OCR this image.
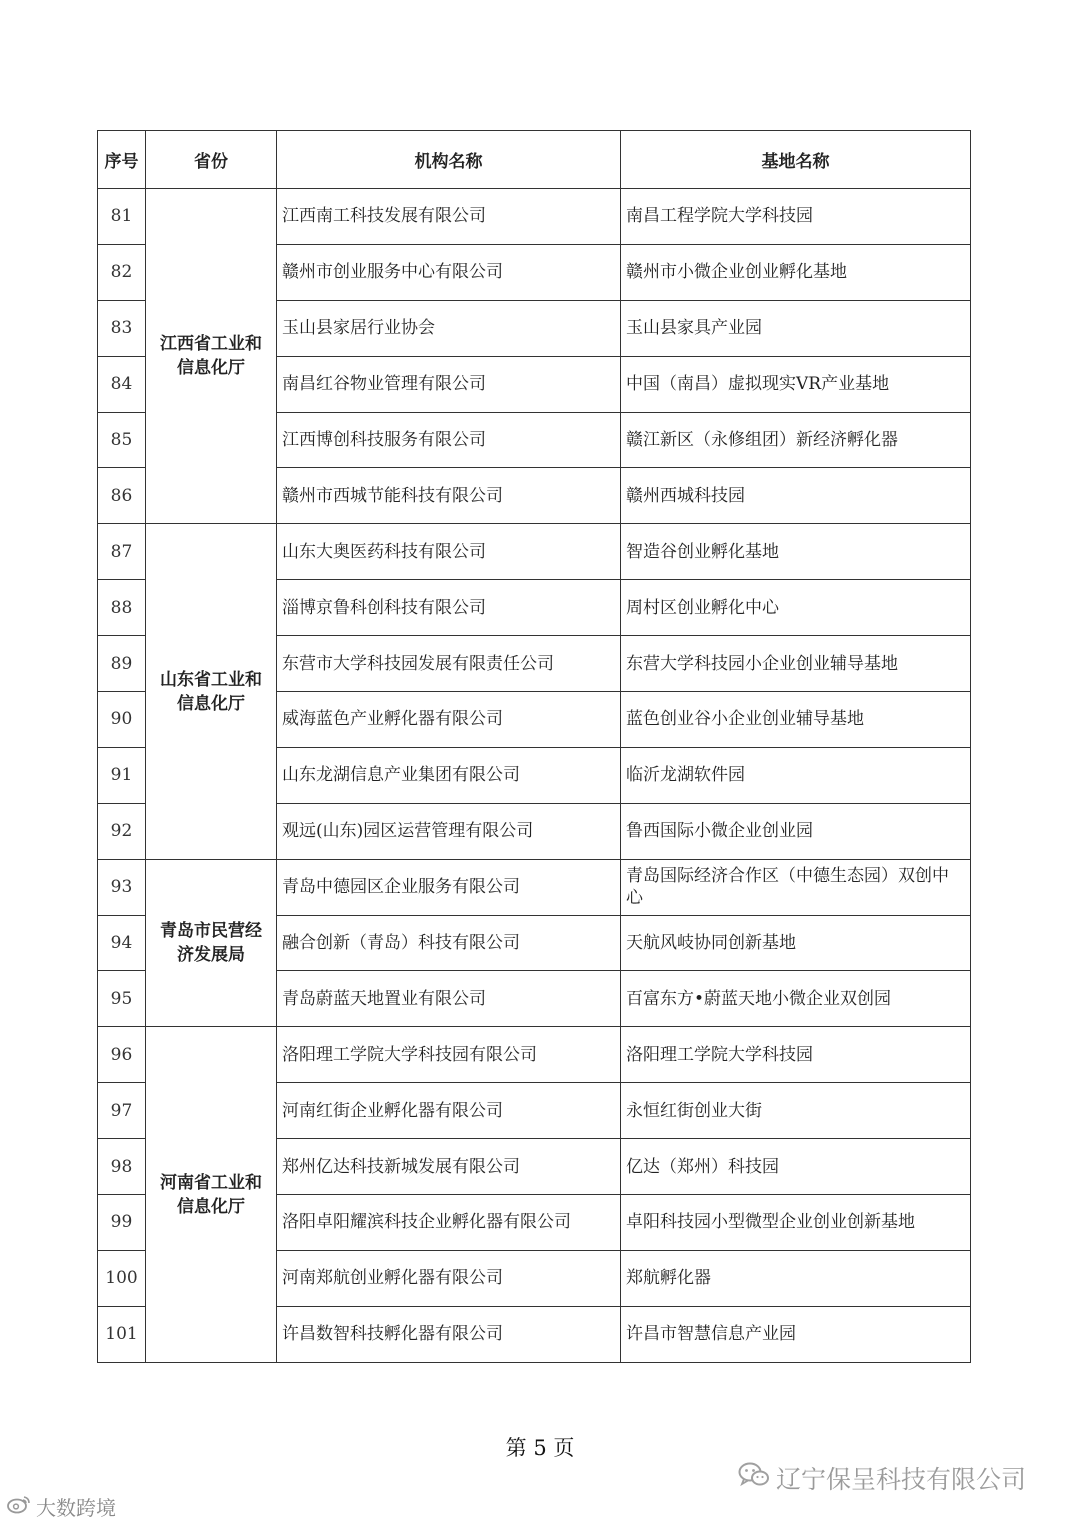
序号	省份	机构名称	基地名称
81	江西省工业和信息化厅	江西南工科技发展有限公司	南昌工程学院大学科技园
82		赣州市创业服务中心有限公司	赣州市小微企业创业孵化基地
83		玉山县家居行业协会	玉山县家具产业园
84		南昌红谷物业管理有限公司	中国（南昌）虚拟现实VR产业基地
85		江西博创科技服务有限公司	赣江新区（永修组团）新经济孵化器
86		赣州市西城节能科技有限公司	赣州西城科技园
87	山东省工业和信息化厅	山东大奥医药科技有限公司	智造谷创业孵化基地
88		淄博京鲁科创科技有限公司	周村区创业孵化中心
89		东营市大学科技园发展有限责任公司	东营大学科技园小企业创业辅导基地
90		威海蓝色产业孵化器有限公司	蓝色创业谷小企业创业辅导基地
91		山东龙湖信息产业集团有限公司	临沂龙湖软件园
92		观远(山东)园区运营管理有限公司	鲁西国际小微企业创业园
93	青岛市民营经济发展局	青岛中德园区企业服务有限公司	青岛国际经济合作区（中德生态园）双创中心
94		融合创新（青岛）科技有限公司	天航风岐协同创新基地
95		青岛蔚蓝天地置业有限公司	百富东方•蔚蓝天地小微企业双创园
96	河南省工业和信息化厅	洛阳理工学院大学科技园有限公司	洛阳理工学院大学科技园
97		河南红街企业孵化器有限公司	永恒红街创业大街
98		郑州亿达科技新城发展有限公司	亿达（郑州）科技园
99		洛阳卓阳耀滨科技企业孵化器有限公司	卓阳科技园小型微型企业创业创新基地
100		河南郑航创业孵化器有限公司	郑航孵化器
101		许昌数智科技孵化器有限公司	许昌市智慧信息产业园
第 5 页
大数跨境
辽宁保呈科技有限公司
